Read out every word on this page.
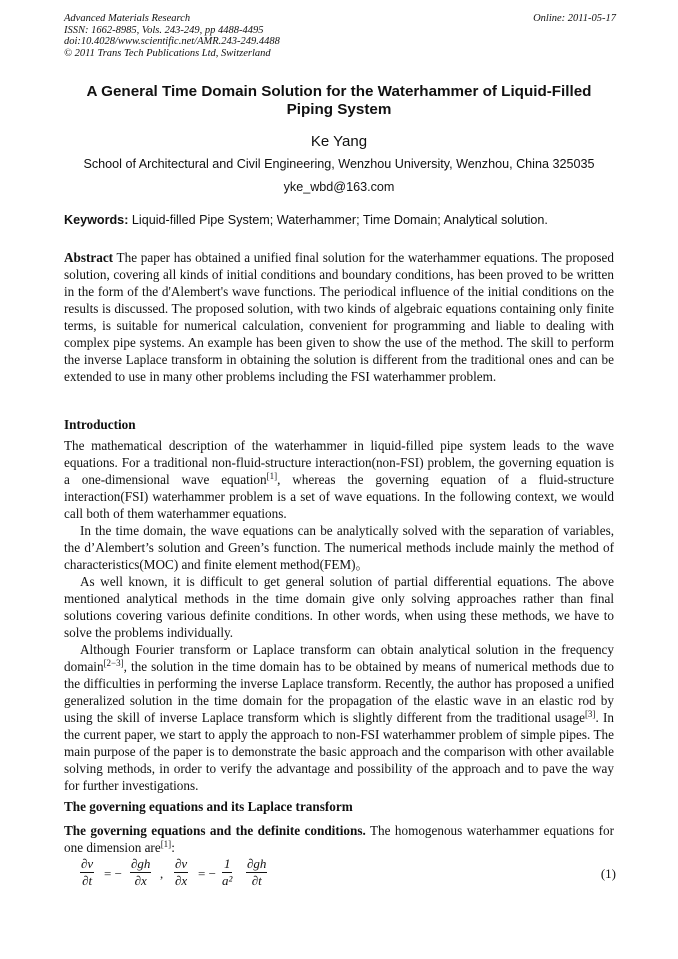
Advanced Materials Research
ISSN: 1662-8985, Vols. 243-249, pp 4488-4495
doi:10.4028/www.scientific.net/AMR.243-249.4488
© 2011 Trans Tech Publications Ltd, Switzerland
Online: 2011-05-17
A General Time Domain Solution for the Waterhammer of Liquid-Filled Piping System
Ke Yang
School of Architectural and Civil Engineering, Wenzhou University, Wenzhou, China 325035
yke_wbd@163.com
Keywords: Liquid-filled Pipe System; Waterhammer; Time Domain; Analytical solution.
Abstract The paper has obtained a unified final solution for the waterhammer equations. The proposed solution, covering all kinds of initial conditions and boundary conditions, has been proved to be written in the form of the d'Alembert's wave functions. The periodical influence of the initial conditions on the results is discussed. The proposed solution, with two kinds of algebraic equations containing only finite terms, is suitable for numerical calculation, convenient for programming and liable to dealing with complex pipe systems. An example has been given to show the use of the method. The skill to perform the inverse Laplace transform in obtaining the solution is different from the traditional ones and can be extended to use in many other problems including the FSI waterhammer problem.
Introduction

The mathematical description of the waterhammer in liquid-filled pipe system leads to the wave equations. For a traditional non-fluid-structure interaction(non-FSI) problem, the governing equation is a one-dimensional wave equation[1], whereas the governing equation of a fluid-structure interaction(FSI) waterhammer problem is a set of wave equations. In the following context, we would call both of them waterhammer equations.

In the time domain, the wave equations can be analytically solved with the separation of variables, the d’Alembert’s solution and Green’s function. The numerical methods include mainly the method of characteristics(MOC) and finite element method(FEM)。

As well known, it is difficult to get general solution of partial differential equations. The above mentioned analytical methods in the time domain give only solving approaches rather than final solutions covering various definite conditions. In other words, when using these methods, we have to solve the problems individually.

Although Fourier transform or Laplace transform can obtain analytical solution in the frequency domain[2−3], the solution in the time domain has to be obtained by means of numerical methods due to the difficulties in performing the inverse Laplace transform. Recently, the author has proposed a unified generalized solution in the time domain for the propagation of the elastic wave in an elastic rod by using the skill of inverse Laplace transform which is slightly different from the traditional usage[3]. In the current paper, we start to apply the approach to non-FSI waterhammer problem of simple pipes. The main purpose of the paper is to demonstrate the basic approach and the comparison with other available solving methods, in order to verify the advantage and possibility of the approach and to pave the way for further investigations.

The governing equations and its Laplace transform
The governing equations and the definite conditions. The homogenous waterhammer equations for one dimension are[1]:
$\frac{\partial v}{\partial t}$ = − $\frac{\partial gh}{\partial x}$ , $\frac{\partial v}{\partial x}$ = − $\frac{1}{\text{a²}} \frac{\partial gh}{\partial t}$	(1)
